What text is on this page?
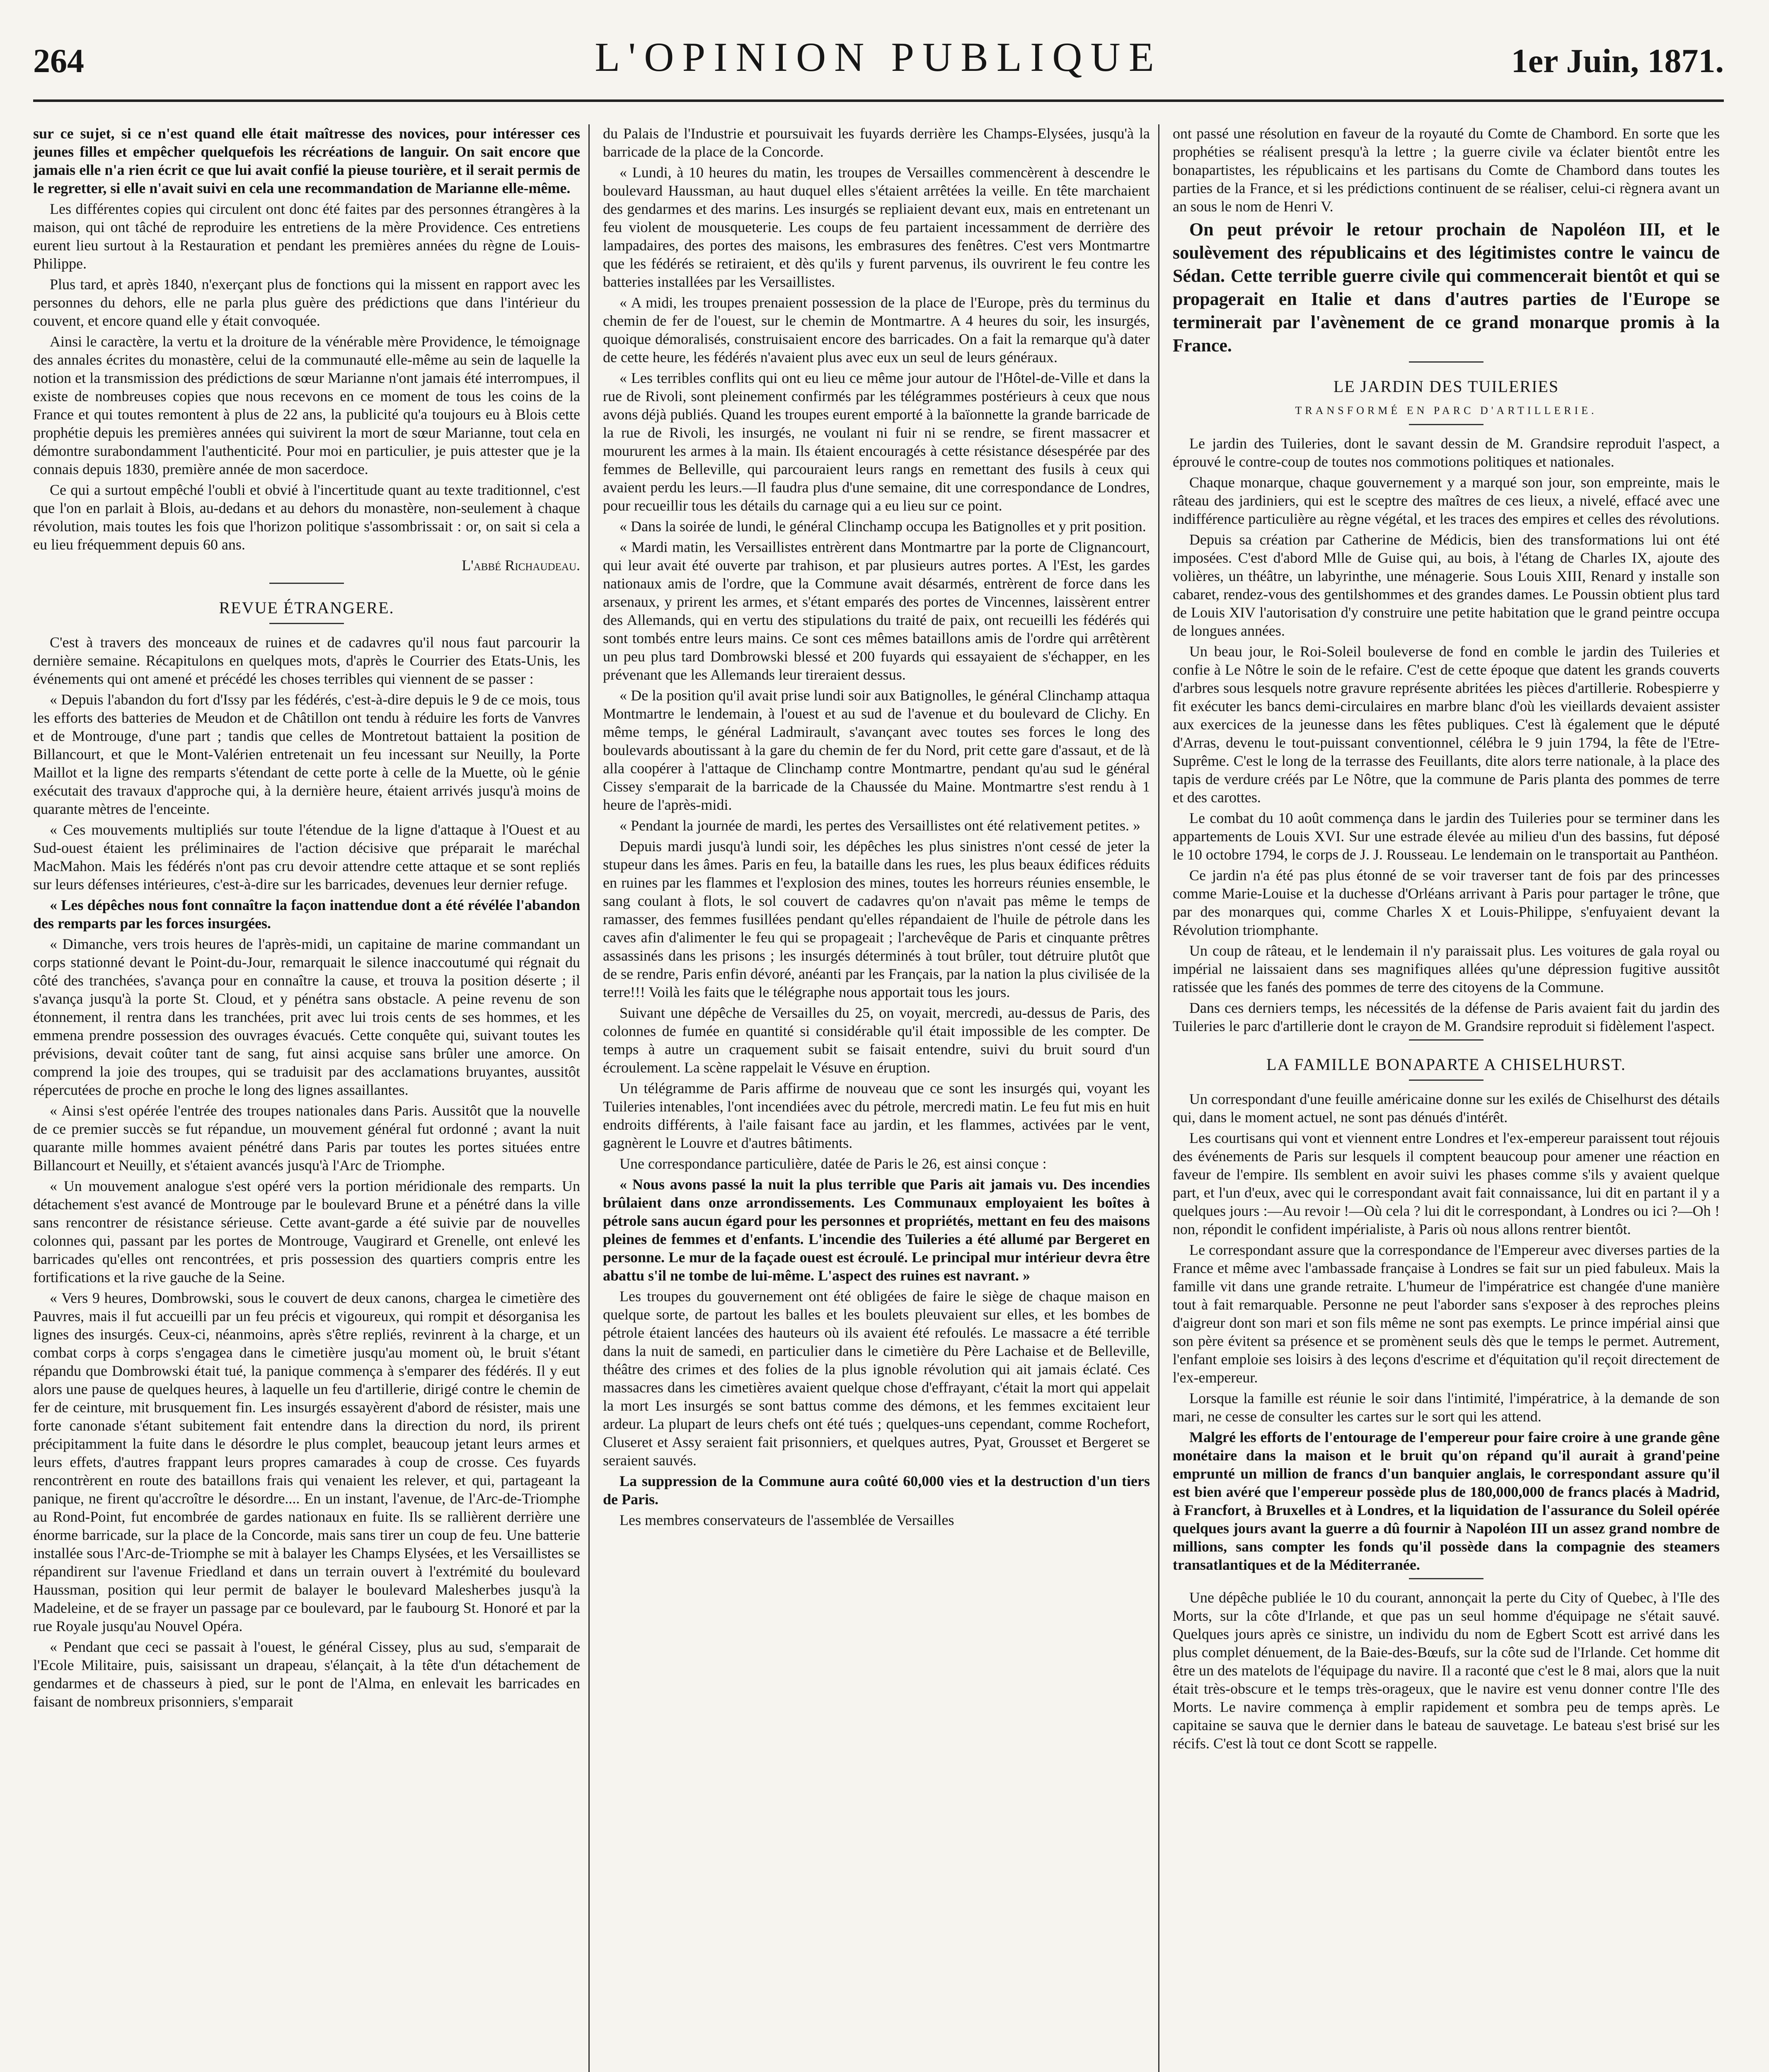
264	L'OPINION PUBLIQUE	1er Juin, 1871.

sur ce sujet, si ce n'est quand elle était maîtresse des novices, pour intéresser ces jeunes filles et empêcher quelquefois les récréations de languir. On sait encore que jamais elle n'a rien écrit ce que lui avait confié la pieuse tourière, et il serait permis de le regretter, si elle n'avait suivi en cela une recommandation de Marianne elle-même.

Les différentes copies qui circulent ont donc été faites par des personnes étrangères à la maison, qui ont tâché de reproduire les entretiens de la mère Providence. Ces entretiens eurent lieu surtout à la Restauration et pendant les premières années du règne de Louis-Philippe.

Plus tard, et après 1840, n'exerçant plus de fonctions qui la missent en rapport avec les personnes du dehors, elle ne parla plus guère des prédictions que dans l'intérieur du couvent, et encore quand elle y était convoquée.

Ainsi le caractère, la vertu et la droiture de la vénérable mère Providence, le témoignage des annales écrites du monastère, celui de la communauté elle-même au sein de laquelle la notion et la transmission des prédictions de sœur Marianne n'ont jamais été interrompues, il existe de nombreuses copies que nous recevons en ce moment de tous les coins de la France et qui toutes remontent à plus de 22 ans, la publicité qu'a toujours eu à Blois cette prophétie depuis les premières années qui suivirent la mort de sœur Marianne, tout cela en démontre surabondamment l'authenticité. Pour moi en particulier, je puis attester que je la connais depuis 1830, première année de mon sacerdoce.

Ce qui a surtout empêché l'oubli et obvié à l'incertitude quant au texte traditionnel, c'est que l'on en parlait à Blois, au-dedans et au dehors du monastère, non-seulement à chaque révolution, mais toutes les fois que l'horizon politique s'assombrissait : or, on sait si cela a eu lieu fréquemment depuis 60 ans.

L'abbé Richaudeau.
REVUE ÉTRANGERE.

C'est à travers des monceaux de ruines et de cadavres qu'il nous faut parcourir la dernière semaine. Récapitulons en quelques mots, d'après le Courrier des Etats-Unis, les événements qui ont amené et précédé les choses terribles qui viennent de se passer :

« Depuis l'abandon du fort d'Issy par les fédérés, c'est-à-dire depuis le 9 de ce mois, tous les efforts des batteries de Meudon et de Châtillon ont tendu à réduire les forts de Vanvres et de Montrouge, d'une part ; tandis que celles de Montretout battaient la position de Billancourt, et que le Mont-Valérien entretenait un feu incessant sur Neuilly, la Porte Maillot et la ligne des remparts s'étendant de cette porte à celle de la Muette, où le génie exécutait des travaux d'approche qui, à la dernière heure, étaient arrivés jusqu'à moins de quarante mètres de l'enceinte.

« Ces mouvements multipliés sur toute l'étendue de la ligne d'attaque à l'Ouest et au Sud-ouest étaient les préliminaires de l'action décisive que préparait le maréchal MacMahon. Mais les fédérés n'ont pas cru devoir attendre cette attaque et se sont repliés sur leurs défenses intérieures, c'est-à-dire sur les barricades, devenues leur dernier refuge.

« Les dépêches nous font connaître la façon inattendue dont a été révélée l'abandon des remparts par les forces insurgées.

« Dimanche, vers trois heures de l'après-midi, un capitaine de marine commandant un corps stationné devant le Point-du-Jour, remarquait le silence inaccoutumé qui régnait du côté des tranchées, s'avança pour en connaître la cause, et trouva la position déserte ; il s'avança jusqu'à la porte St. Cloud, et y pénétra sans obstacle. A peine revenu de son étonnement, il rentra dans les tranchées, prit avec lui trois cents de ses hommes, et les emmena prendre possession des ouvrages évacués. Cette conquête qui, suivant toutes les prévisions, devait coûter tant de sang, fut ainsi acquise sans brûler une amorce. On comprend la joie des troupes, qui se traduisit par des acclamations bruyantes, aussitôt répercutées de proche en proche le long des lignes assaillantes.

« Ainsi s'est opérée l'entrée des troupes nationales dans Paris. Aussitôt que la nouvelle de ce premier succès se fut répandue, un mouvement général fut ordonné ; avant la nuit quarante mille hommes avaient pénétré dans Paris par toutes les portes situées entre Billancourt et Neuilly, et s'étaient avancés jusqu'à l'Arc de Triomphe.

« Un mouvement analogue s'est opéré vers la portion méridionale des remparts. Un détachement s'est avancé de Montrouge par le boulevard Brune et a pénétré dans la ville sans rencontrer de résistance sérieuse. Cette avant-garde a été suivie par de nouvelles colonnes qui, passant par les portes de Montrouge, Vaugirard et Grenelle, ont enlevé les barricades qu'elles ont rencontrées, et pris possession des quartiers compris entre les fortifications et la rive gauche de la Seine.

« Vers 9 heures, Dombrowski, sous le couvert de deux canons, chargea le cimetière des Pauvres, mais il fut accueilli par un feu précis et vigoureux, qui rompit et désorganisa les lignes des insurgés. Ceux-ci, néanmoins, après s'être repliés, revinrent à la charge, et un combat corps à corps s'engagea dans le cimetière jusqu'au moment où, le bruit s'étant répandu que Dombrowski était tué, la panique commença à s'emparer des fédérés. Il y eut alors une pause de quelques heures, à laquelle un feu d'artillerie, dirigé contre le chemin de fer de ceinture, mit brusquement fin. Les insurgés essayèrent d'abord de résister, mais une forte canonade s'étant subitement fait entendre dans la direction du nord, ils prirent précipitamment la fuite dans le désordre le plus complet, beaucoup jetant leurs armes et leurs effets, d'autres frappant leurs propres camarades à coup de crosse. Ces fuyards rencontrèrent en route des bataillons frais qui venaient les relever, et qui, partageant la panique, ne firent qu'accroître le désordre.... En un instant, l'avenue, de l'Arc-de-Triomphe au Rond-Point, fut encombrée de gardes nationaux en fuite. Ils se rallièrent derrière une énorme barricade, sur la place de la Concorde, mais sans tirer un coup de feu. Une batterie installée sous l'Arc-de-Triomphe se mit à balayer les Champs Elysées, et les Versaillistes se répandirent sur l'avenue Friedland et dans un terrain ouvert à l'extrémité du boulevard Haussman, position qui leur permit de balayer le boulevard Malesherbes jusqu'à la Madeleine, et de se frayer un passage par ce boulevard, par le faubourg St. Honoré et par la rue Royale jusqu'au Nouvel Opéra.

« Pendant que ceci se passait à l'ouest, le général Cissey, plus au sud, s'emparait de l'Ecole Militaire, puis, saisissant un drapeau, s'élançait, à la tête d'un détachement de gendarmes et de chasseurs à pied, sur le pont de l'Alma, en enlevait les barricades en faisant de nombreux prisonniers, s'emparait

du Palais de l'Industrie et poursuivait les fuyards derrière les Champs-Elysées, jusqu'à la barricade de la place de la Concorde.

« Lundi, à 10 heures du matin, les troupes de Versailles commencèrent à descendre le boulevard Haussman, au haut duquel elles s'étaient arrêtées la veille. En tête marchaient des gendarmes et des marins. Les insurgés se repliaient devant eux, mais en entretenant un feu violent de mousqueterie. Les coups de feu partaient incessamment de derrière des lampadaires, des portes des maisons, les embrasures des fenêtres. C'est vers Montmartre que les fédérés se retiraient, et dès qu'ils y furent parvenus, ils ouvrirent le feu contre les batteries installées par les Versaillistes.

« A midi, les troupes prenaient possession de la place de l'Europe, près du terminus du chemin de fer de l'ouest, sur le chemin de Montmartre. A 4 heures du soir, les insurgés, quoique démoralisés, construisaient encore des barricades. On a fait la remarque qu'à dater de cette heure, les fédérés n'avaient plus avec eux un seul de leurs généraux.

« Les terribles conflits qui ont eu lieu ce même jour autour de l'Hôtel-de-Ville et dans la rue de Rivoli, sont pleinement confirmés par les télégrammes postérieurs à ceux que nous avons déjà publiés. Quand les troupes eurent emporté à la baïonnette la grande barricade de la rue de Rivoli, les insurgés, ne voulant ni fuir ni se rendre, se firent massacrer et moururent les armes à la main. Ils étaient encouragés à cette résistance désespérée par des femmes de Belleville, qui parcouraient leurs rangs en remettant des fusils à ceux qui avaient perdu les leurs.—Il faudra plus d'une semaine, dit une correspondance de Londres, pour recueillir tous les détails du carnage qui a eu lieu sur ce point.

« Dans la soirée de lundi, le général Clinchamp occupa les Batignolles et y prit position.

« Mardi matin, les Versaillistes entrèrent dans Montmartre par la porte de Clignancourt, qui leur avait été ouverte par trahison, et par plusieurs autres portes. A l'Est, les gardes nationaux amis de l'ordre, que la Commune avait désarmés, entrèrent de force dans les arsenaux, y prirent les armes, et s'étant emparés des portes de Vincennes, laissèrent entrer des Allemands, qui en vertu des stipulations du traité de paix, ont recueilli les fédérés qui sont tombés entre leurs mains. Ce sont ces mêmes bataillons amis de l'ordre qui arrêtèrent un peu plus tard Dombrowski blessé et 200 fuyards qui essayaient de s'échapper, en les prévenant que les Allemands leur tireraient dessus.

« De la position qu'il avait prise lundi soir aux Batignolles, le général Clinchamp attaqua Montmartre le lendemain, à l'ouest et au sud de l'avenue et du boulevard de Clichy. En même temps, le général Ladmirault, s'avançant avec toutes ses forces le long des boulevards aboutissant à la gare du chemin de fer du Nord, prit cette gare d'assaut, et de là alla coopérer à l'attaque de Clinchamp contre Montmartre, pendant qu'au sud le général Cissey s'emparait de la barricade de la Chaussée du Maine. Montmartre s'est rendu à 1 heure de l'après-midi.

« Pendant la journée de mardi, les pertes des Versaillistes ont été relativement petites. »

Depuis mardi jusqu'à lundi soir, les dépêches les plus sinistres n'ont cessé de jeter la stupeur dans les âmes. Paris en feu, la bataille dans les rues, les plus beaux édifices réduits en ruines par les flammes et l'explosion des mines, toutes les horreurs réunies ensemble, le sang coulant à flots, le sol couvert de cadavres qu'on n'avait pas même le temps de ramasser, des femmes fusillées pendant qu'elles répandaient de l'huile de pétrole dans les caves afin d'alimenter le feu qui se propageait ; l'archevêque de Paris et cinquante prêtres assassinés dans les prisons ; les insurgés déterminés à tout brûler, tout détruire plutôt que de se rendre, Paris enfin dévoré, anéanti par les Français, par la nation la plus civilisée de la terre!!! Voilà les faits que le télégraphe nous apportait tous les jours.

Suivant une dépêche de Versailles du 25, on voyait, mercredi, au-dessus de Paris, des colonnes de fumée en quantité si considérable qu'il était impossible de les compter. De temps à autre un craquement subit se faisait entendre, suivi du bruit sourd d'un écroulement. La scène rappelait le Vésuve en éruption.

Un télégramme de Paris affirme de nouveau que ce sont les insurgés qui, voyant les Tuileries intenables, l'ont incendiées avec du pétrole, mercredi matin. Le feu fut mis en huit endroits différents, à l'aile faisant face au jardin, et les flammes, activées par le vent, gagnèrent le Louvre et d'autres bâtiments.

Une correspondance particulière, datée de Paris le 26, est ainsi conçue :

« Nous avons passé la nuit la plus terrible que Paris ait jamais vu. Des incendies brûlaient dans onze arrondissements. Les Communaux employaient les boîtes à pétrole sans aucun égard pour les personnes et propriétés, mettant en feu des maisons pleines de femmes et d'enfants. L'incendie des Tuileries a été allumé par Bergeret en personne. Le mur de la façade ouest est écroulé. Le principal mur intérieur devra être abattu s'il ne tombe de lui-même. L'aspect des ruines est navrant. »

Les troupes du gouvernement ont été obligées de faire le siège de chaque maison en quelque sorte, de partout les balles et les boulets pleuvaient sur elles, et les bombes de pétrole étaient lancées des hauteurs où ils avaient été refoulés. Le massacre a été terrible dans la nuit de samedi, en particulier dans le cimetière du Père Lachaise et de Belleville, théâtre des crimes et des folies de la plus ignoble révolution qui ait jamais éclaté. Ces massacres dans les cimetières avaient quelque chose d'effrayant, c'était la mort qui appelait la mort Les insurgés se sont battus comme des démons, et les femmes excitaient leur ardeur. La plupart de leurs chefs ont été tués ; quelques-uns cependant, comme Rochefort, Cluseret et Assy seraient fait prisonniers, et quelques autres, Pyat, Grousset et Bergeret se seraient sauvés.

La suppression de la Commune aura coûté 60,000 vies et la destruction d'un tiers de Paris.

Les membres conservateurs de l'assemblée de Versailles

ont passé une résolution en faveur de la royauté du Comte de Chambord. En sorte que les prophéties se réalisent presqu'à la lettre ; la guerre civile va éclater bientôt entre les bonapartistes, les républicains et les partisans du Comte de Chambord dans toutes les parties de la France, et si les prédictions continuent de se réaliser, celui-ci règnera avant un an sous le nom de Henri V.

On peut prévoir le retour prochain de Napoléon III, et le soulèvement des républicains et des légitimistes contre le vaincu de Sédan. Cette terrible guerre civile qui commencerait bientôt et qui se propagerait en Italie et dans d'autres parties de l'Europe se terminerait par l'avènement de ce grand monarque promis à la France.

LE JARDIN DES TUILERIES
TRANSFORMÉ EN PARC D'ARTILLERIE.

Le jardin des Tuileries, dont le savant dessin de M. Grandsire reproduit l'aspect, a éprouvé le contre-coup de toutes nos commotions politiques et nationales.

Chaque monarque, chaque gouvernement y a marqué son jour, son empreinte, mais le râteau des jardiniers, qui est le sceptre des maîtres de ces lieux, a nivelé, effacé avec une indifférence particulière au règne végétal, et les traces des empires et celles des révolutions.

Depuis sa création par Catherine de Médicis, bien des transformations lui ont été imposées. C'est d'abord Mlle de Guise qui, au bois, à l'étang de Charles IX, ajoute des volières, un théâtre, un labyrinthe, une ménagerie. Sous Louis XIII, Renard y installe son cabaret, rendez-vous des gentilshommes et des grandes dames. Le Poussin obtient plus tard de Louis XIV l'autorisation d'y construire une petite habitation que le grand peintre occupa de longues années.

Un beau jour, le Roi-Soleil bouleverse de fond en comble le jardin des Tuileries et confie à Le Nôtre le soin de le refaire. C'est de cette époque que datent les grands couverts d'arbres sous lesquels notre gravure représente abritées les pièces d'artillerie. Robespierre y fit exécuter les bancs demi-circulaires en marbre blanc d'où les vieillards devaient assister aux exercices de la jeunesse dans les fêtes publiques. C'est là également que le député d'Arras, devenu le tout-puissant conventionnel, célébra le 9 juin 1794, la fête de l'Etre-Suprême. C'est le long de la terrasse des Feuillants, dite alors terre nationale, à la place des tapis de verdure créés par Le Nôtre, que la commune de Paris planta des pommes de terre et des carottes.

Le combat du 10 août commença dans le jardin des Tuileries pour se terminer dans les appartements de Louis XVI. Sur une estrade élevée au milieu d'un des bassins, fut déposé le 10 octobre 1794, le corps de J. J. Rousseau. Le lendemain on le transportait au Panthéon.

Ce jardin n'a été pas plus étonné de se voir traverser tant de fois par des princesses comme Marie-Louise et la duchesse d'Orléans arrivant à Paris pour partager le trône, que par des monarques qui, comme Charles X et Louis-Philippe, s'enfuyaient devant la Révolution triomphante.

Un coup de râteau, et le lendemain il n'y paraissait plus. Les voitures de gala royal ou impérial ne laissaient dans ses magnifiques allées qu'une dépression fugitive aussitôt ratissée que les fanés des pommes de terre des citoyens de la Commune.

Dans ces derniers temps, les nécessités de la défense de Paris avaient fait du jardin des Tuileries le parc d'artillerie dont le crayon de M. Grandsire reproduit si fidèlement l'aspect.

LA FAMILLE BONAPARTE A CHISELHURST.

Un correspondant d'une feuille américaine donne sur les exilés de Chiselhurst des détails qui, dans le moment actuel, ne sont pas dénués d'intérêt.

Les courtisans qui vont et viennent entre Londres et l'ex-empereur paraissent tout réjouis des événements de Paris sur lesquels il comptent beaucoup pour amener une réaction en faveur de l'empire. Ils semblent en avoir suivi les phases comme s'ils y avaient quelque part, et l'un d'eux, avec qui le correspondant avait fait connaissance, lui dit en partant il y a quelques jours :—Au revoir !—Où cela ? lui dit le correspondant, à Londres ou ici ?—Oh ! non, répondit le confident impérialiste, à Paris où nous allons rentrer bientôt.

Le correspondant assure que la correspondance de l'Empereur avec diverses parties de la France et même avec l'ambassade française à Londres se fait sur un pied fabuleux. Mais la famille vit dans une grande retraite. L'humeur de l'impératrice est changée d'une manière tout à fait remarquable. Personne ne peut l'aborder sans s'exposer à des reproches pleins d'aigreur dont son mari et son fils même ne sont pas exempts. Le prince impérial ainsi que son père évitent sa présence et se promènent seuls dès que le temps le permet. Autrement, l'enfant emploie ses loisirs à des leçons d'escrime et d'équitation qu'il reçoit directement de l'ex-empereur.

Lorsque la famille est réunie le soir dans l'intimité, l'impératrice, à la demande de son mari, ne cesse de consulter les cartes sur le sort qui les attend.

Malgré les efforts de l'entourage de l'empereur pour faire croire à une grande gêne monétaire dans la maison et le bruit qu'on répand qu'il aurait à grand'peine emprunté un million de francs d'un banquier anglais, le correspondant assure qu'il est bien avéré que l'empereur possède plus de 180,000,000 de francs placés à Madrid, à Francfort, à Bruxelles et à Londres, et la liquidation de l'assurance du Soleil opérée quelques jours avant la guerre a dû fournir à Napoléon III un assez grand nombre de millions, sans compter les fonds qu'il possède dans la compagnie des steamers transatlantiques et de la Méditerranée.

Une dépêche publiée le 10 du courant, annonçait la perte du City of Quebec, à l'Ile des Morts, sur la côte d'Irlande, et que pas un seul homme d'équipage ne s'était sauvé. Quelques jours après ce sinistre, un individu du nom de Egbert Scott est arrivé dans les plus complet dénuement, de la Baie-des-Bœufs, sur la côte sud de l'Irlande. Cet homme dit être un des matelots de l'équipage du navire. Il a raconté que c'est le 8 mai, alors que la nuit était très-obscure et le temps très-orageux, que le navire est venu donner contre l'Ile des Morts. Le navire commença à emplir rapidement et sombra peu de temps après. Le capitaine se sauva que le dernier dans le bateau de sauvetage. Le bateau s'est brisé sur les récifs. C'est là tout ce dont Scott se rappelle.
